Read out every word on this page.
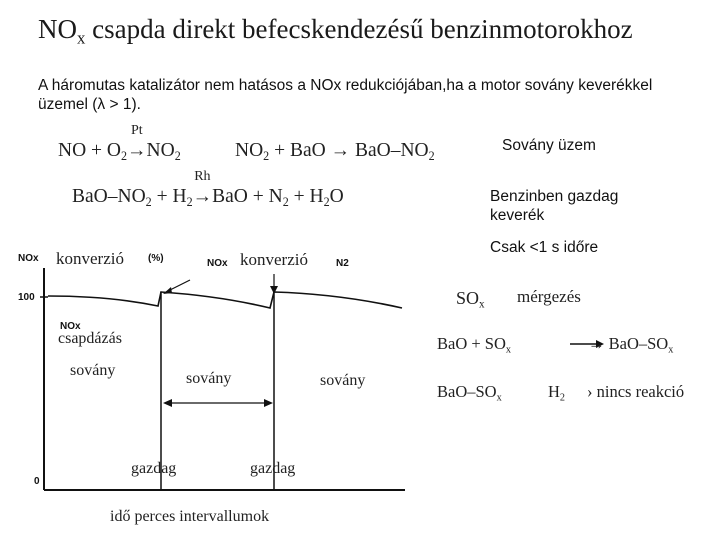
$NO_x$ csapda direkt befecskendezésű benzinmotorokhoz
A háromutas katalizátor nem hatásos a NOx redukciójában,ha a motor sovány keverékkel üzemel (λ > 1).
NO + $O_2$
Pt
$\to NO_2$	$NO_2$ + BaO → BaO–$NO_2$
BaO–$NO_2 + H_2$
Rh
$\to BaO + N_2 + H_2O$
Sovány üzem
Benzinben gazdag
keverék
Csak <1 s időre
NOx konverzió (%)	NOx konverzió	N2
100
0
NOx
csapdázás
sovány	sovány	sovány
gazdag	gazdag
idő perces intervallumok
$SO_x$ mérgezés
BaO + $SO_x$	→ BaO–$SO_x$
BaO–$SO_x$	$H_2$ › nincs reakció
